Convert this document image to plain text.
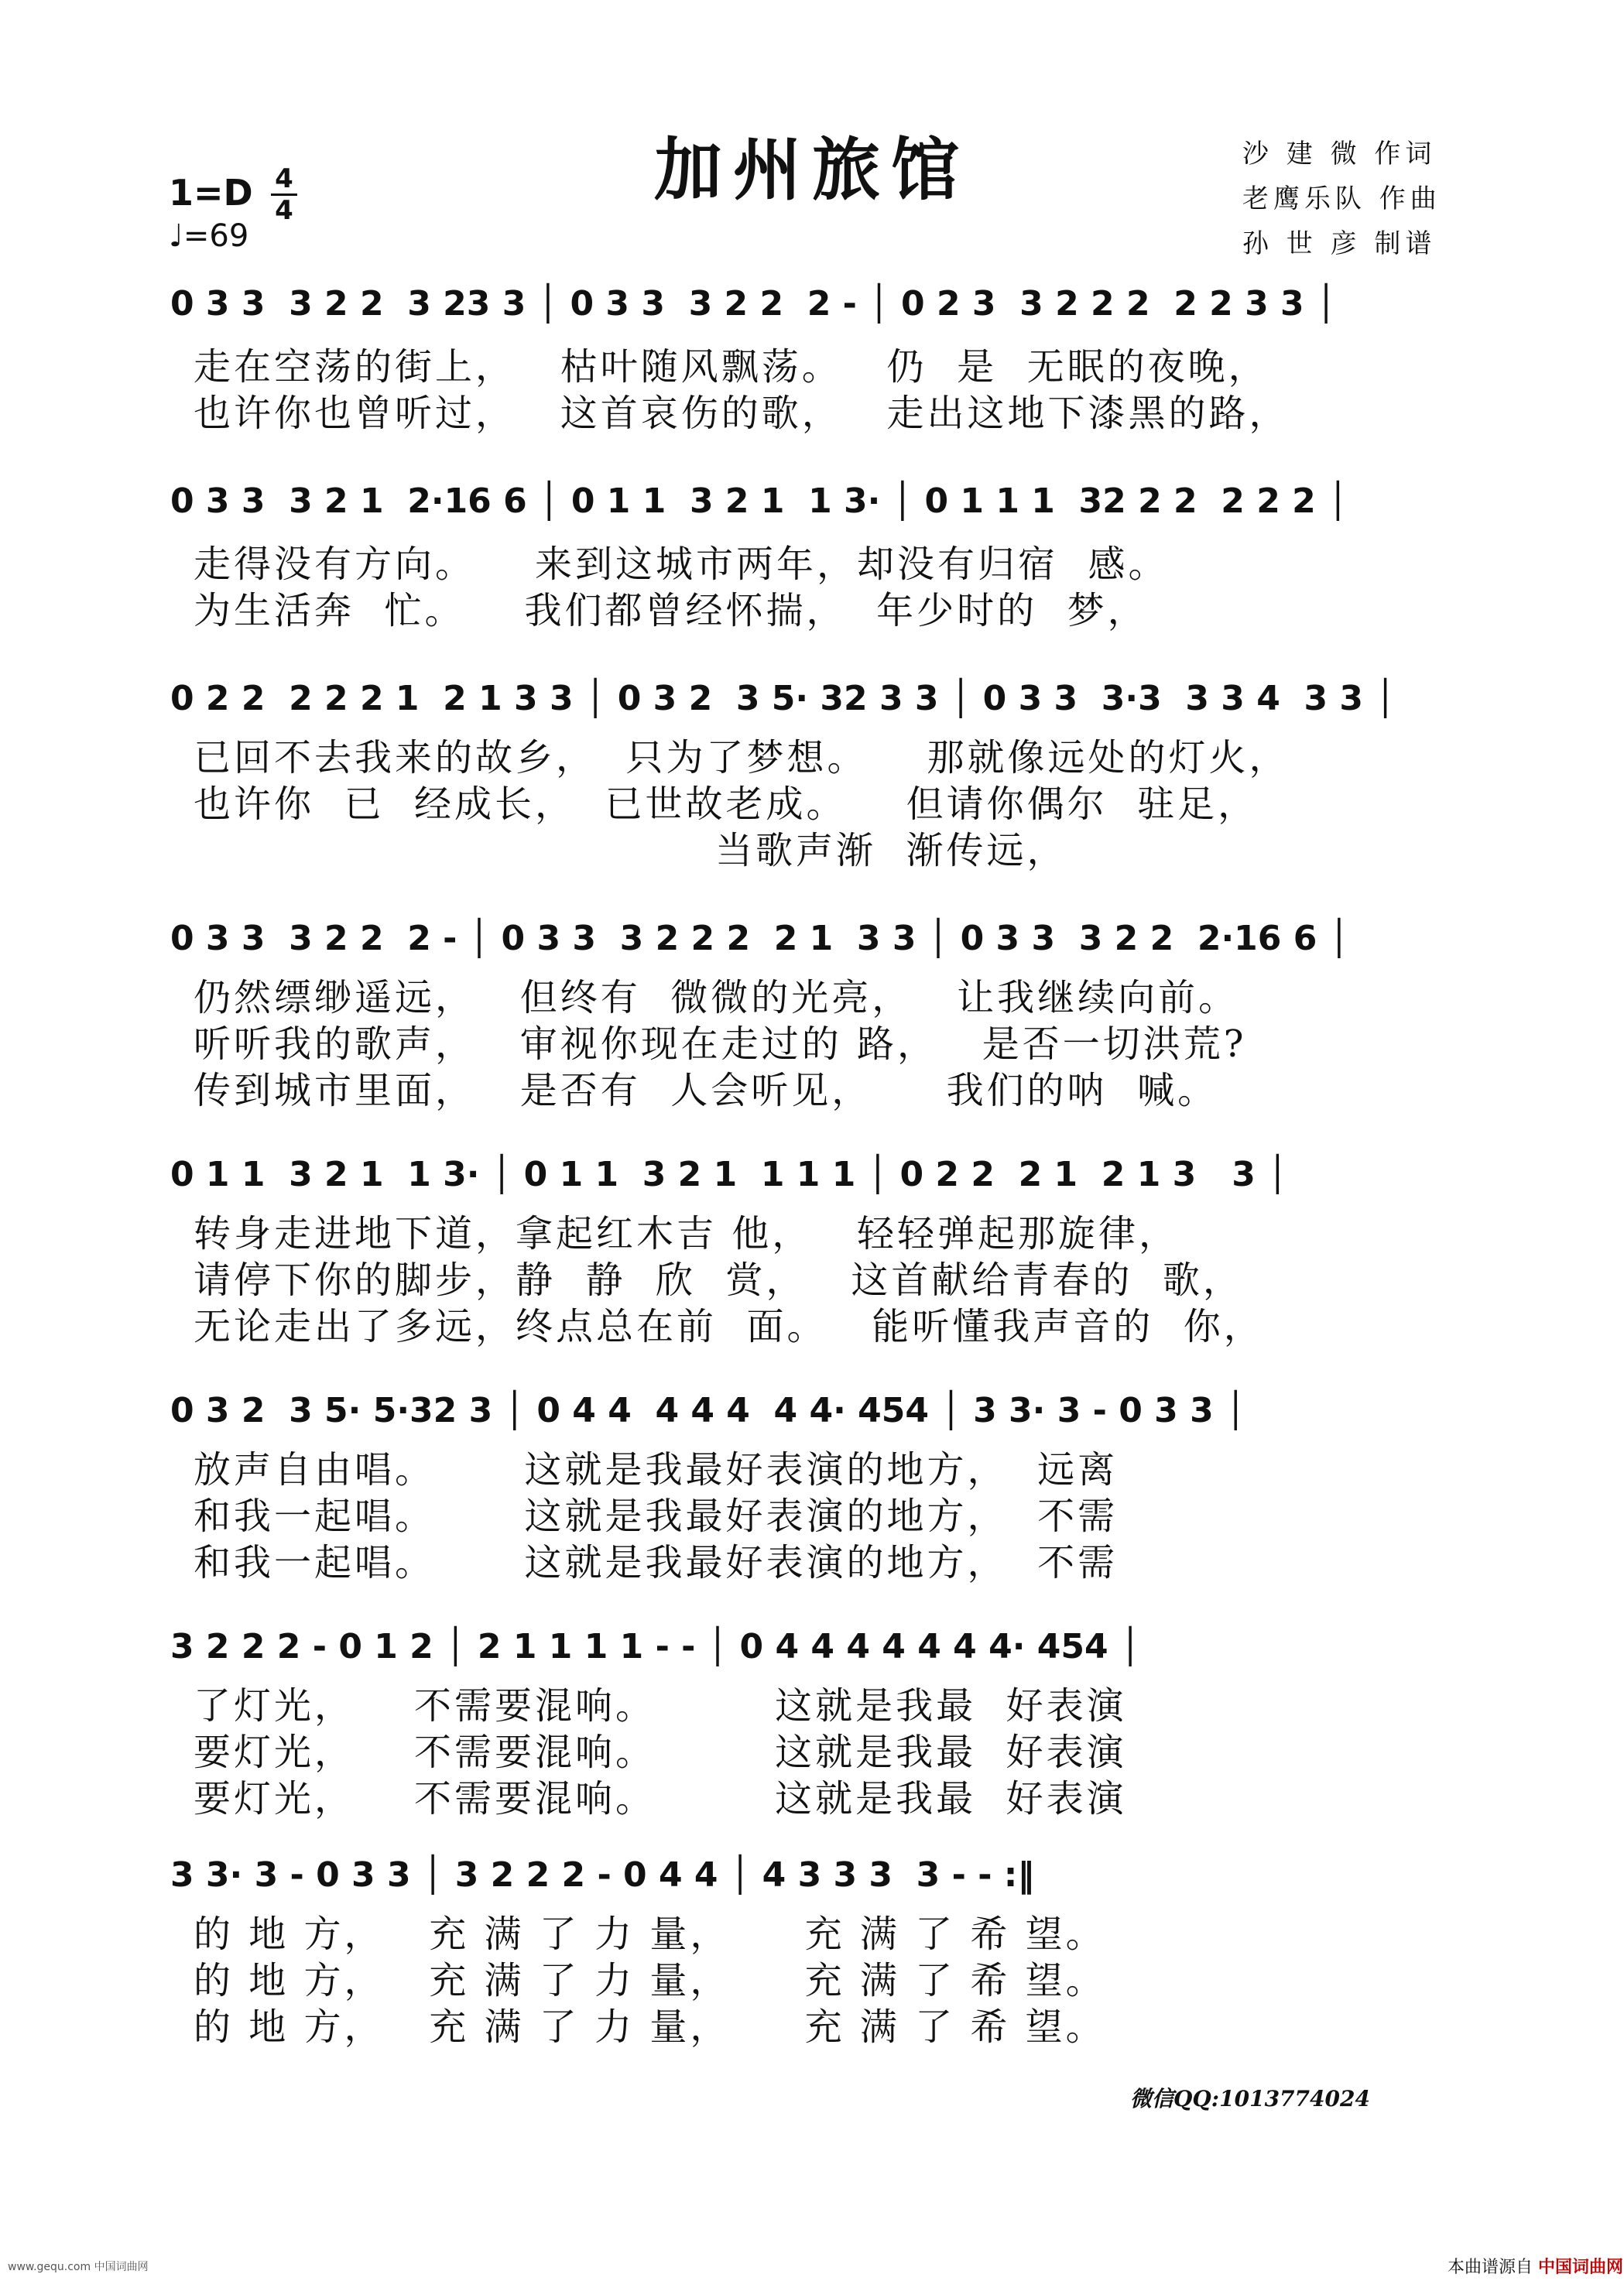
加州旅馆
1=D 4
4
♩=69
沙 建 微 作词
老鹰乐队 作曲
孙 世 彦 制谱
0 3 3  3 2 2  3 23 3 │ 0 3 3  3 2 2  2 - │ 0 2 3  3 2 2 2  2 2 3 3 │
走在空荡的街上，   枯叶随风飘荡。   仍  是  无眠的夜晚，
也许你也曾听过，   这首哀伤的歌，   走出这地下漆黑的路，
0 3 3  3 2 1  2·16 6 │ 0 1 1  3 2 1  1 3· │ 0 1 1 1  32 2 2  2 2 2 │
走得没有方向。    来到这城市两年，却没有归宿  感。
为生活奔  忙。    我们都曾经怀揣，  年少时的  梦，
0 2 2  2 2 2 1  2 1 3 3 │ 0 3 2  3 5· 32 3 3 │ 0 3 3  3·3  3 3 4  3 3 │
已回不去我来的故乡，  只为了梦想。    那就像远处的灯火，
也许你  已  经成长，  已世故老成。    但请你偶尔  驻足，
当歌声渐  渐传远，
0 3 3  3 2 2  2 - │ 0 3 3  3 2 2 2  2 1  3 3 │ 0 3 3  3 2 2  2·16 6 │
仍然缥缈遥远，   但终有  微微的光亮，   让我继续向前。
听听我的歌声，   审视你现在走过的 路，   是否一切洪荒?
传到城市里面，   是否有  人会听见，     我们的呐  喊。
0 1 1  3 2 1  1 3· │ 0 1 1  3 2 1  1 1 1 │ 0 2 2  2 1  2 1 3   3 │
转身走进地下道，拿起红木吉 他，   轻轻弹起那旋律，
请停下你的脚步，静  静  欣  赏，   这首献给青春的  歌，
无论走出了多远，终点总在前  面。   能听懂我声音的  你，
0 3 2  3 5· 5·32 3 │ 0 4 4  4 4 4  4 4· 454 │ 3 3· 3 - 0 3 3 │
放声自由唱。      这就是我最好表演的地方，  远离
和我一起唱。      这就是我最好表演的地方，  不需
和我一起唱。      这就是我最好表演的地方，  不需
3 2 2 2 - 0 1 2 │ 2 1 1 1 1 - - │ 0 4 4 4 4 4 4 4· 454 │
了灯光，    不需要混响。        这就是我最  好表演
要灯光，    不需要混响。        这就是我最  好表演
要灯光，    不需要混响。        这就是我最  好表演
3 3· 3 - 0 3 3 │ 3 2 2 2 - 0 4 4 │ 4 3 3 3  3 - - :‖
的 地 方，   充 满 了 力 量，     充 满 了 希 望。
的 地 方，   充 满 了 力 量，     充 满 了 希 望。
的 地 方，   充 满 了 力 量，     充 满 了 希 望。
微信QQ:1013774024
www.gequ.com 中国词曲网	本曲谱源自 中国词曲网
